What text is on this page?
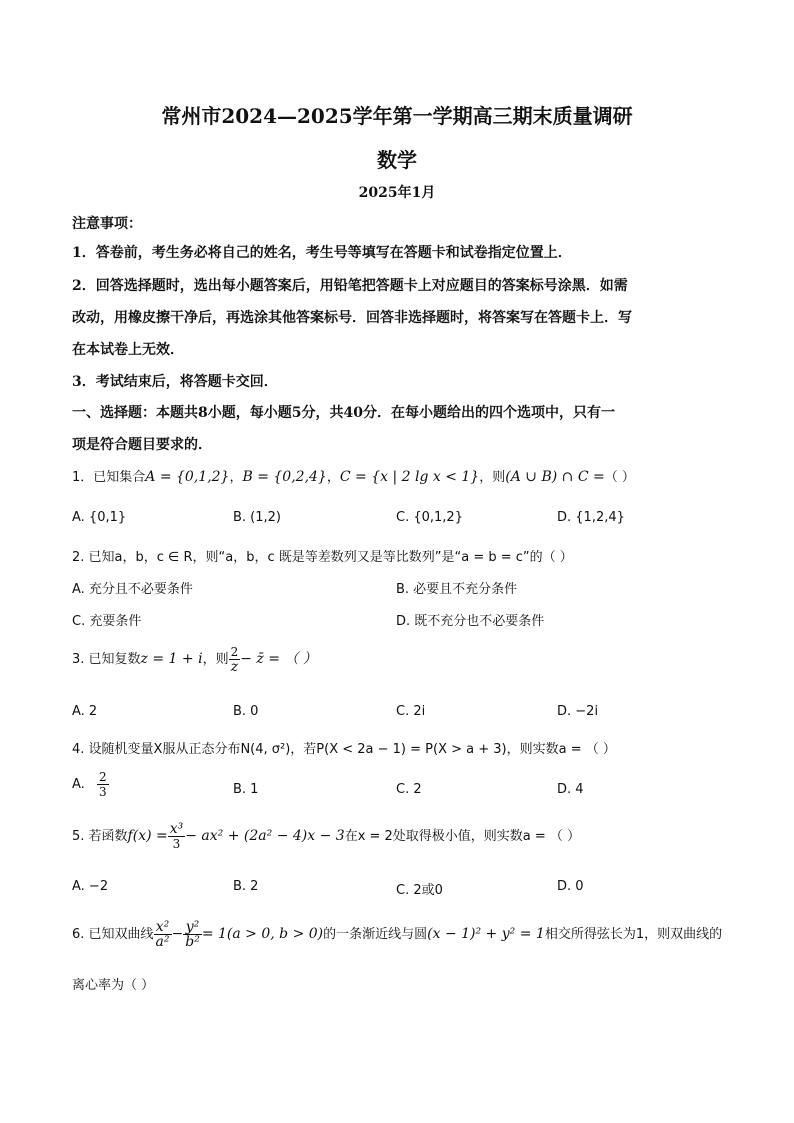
常州市2024—2025学年第一学期高三期末质量调研
数学
2025年1月
注意事项：
1．答卷前，考生务必将自己的姓名，考生号等填写在答题卡和试卷指定位置上．
2．回答选择题时，选出每小题答案后，用铅笔把答题卡上对应题目的答案标号涂黑．如需
改动，用橡皮擦干净后，再选涂其他答案标号．回答非选择题时，将答案写在答题卡上．写
在本试卷上无效．
3．考试结束后，将答题卡交回．
一、选择题：本题共8小题，每小题5分，共40分．在每小题给出的四个选项中，只有一
项是符合题目要求的．
1．已知集合A = {0,1,2}，B = {0,2,4}，C = {x | 2 lg x < 1}，则(A ∪ B) ∩ C =（ ）
A. {0,1}	B. (1,2)	C. {0,1,2}	D. {1,2,4}
2. 已知a，b，c ∈ R，则“a，b，c 既是等差数列又是等比数列”是“a = b = c”的（ ）
A. 充分且不必要条件	B. 必要且不充分条件
C. 充要条件	D. 既不充分也不必要条件
3. 已知复数z = 1 + i，则 $\frac{2}{z}$ − z̄ = （ ）
A. 2	B. 0	C. 2i	D. −2i
4. 设随机变量X服从正态分布N(4, σ²)，若P(X < 2a − 1) = P(X > a + 3)，则实数a = （ ）
A. $\frac{2}{3}$	B. 1	C. 2	D. 4
5. 若函数$f(x) = \frac{\text{x³}}{3} - ax^2 + (2a^2 - 4)x - 3$在x = 2处取得极小值，则实数a = （ ）
A. −2	B. 2	C. 2或0	D. 0
6. 已知双曲线 $\frac{\text{x²}}{\text{a²}} - \frac{\text{y²}}{\text{b²}} = 1(a > 0$, b > 0)的一条渐近线与圆(x − 1)² + y² = 1相交所得弦长为1，则双曲线的
离心率为（ ）
